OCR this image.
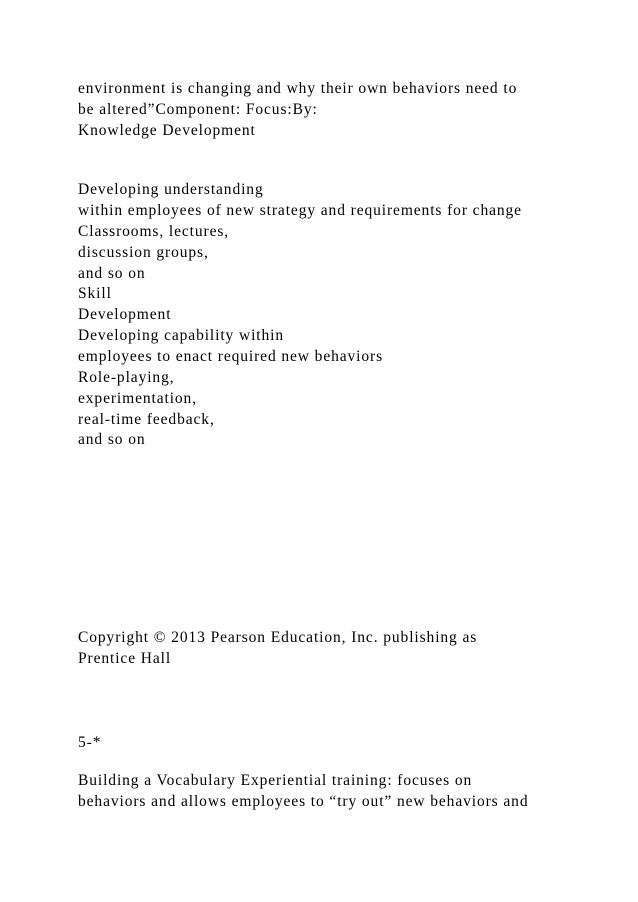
environment is changing and why their own behaviors need to
be altered”Component: Focus:By:
Knowledge Development
Developing understanding
within employees of new strategy and requirements for change
Classrooms, lectures,
discussion groups,
and so on
Skill
Development
Developing capability within
employees to enact required new behaviors
Role-playing,
experimentation,
real-time feedback,
and so on
Copyright © 2013 Pearson Education, Inc. publishing as
Prentice Hall
5-*
Building a Vocabulary Experiential training: focuses on
behaviors and allows employees to “try out” new behaviors and
